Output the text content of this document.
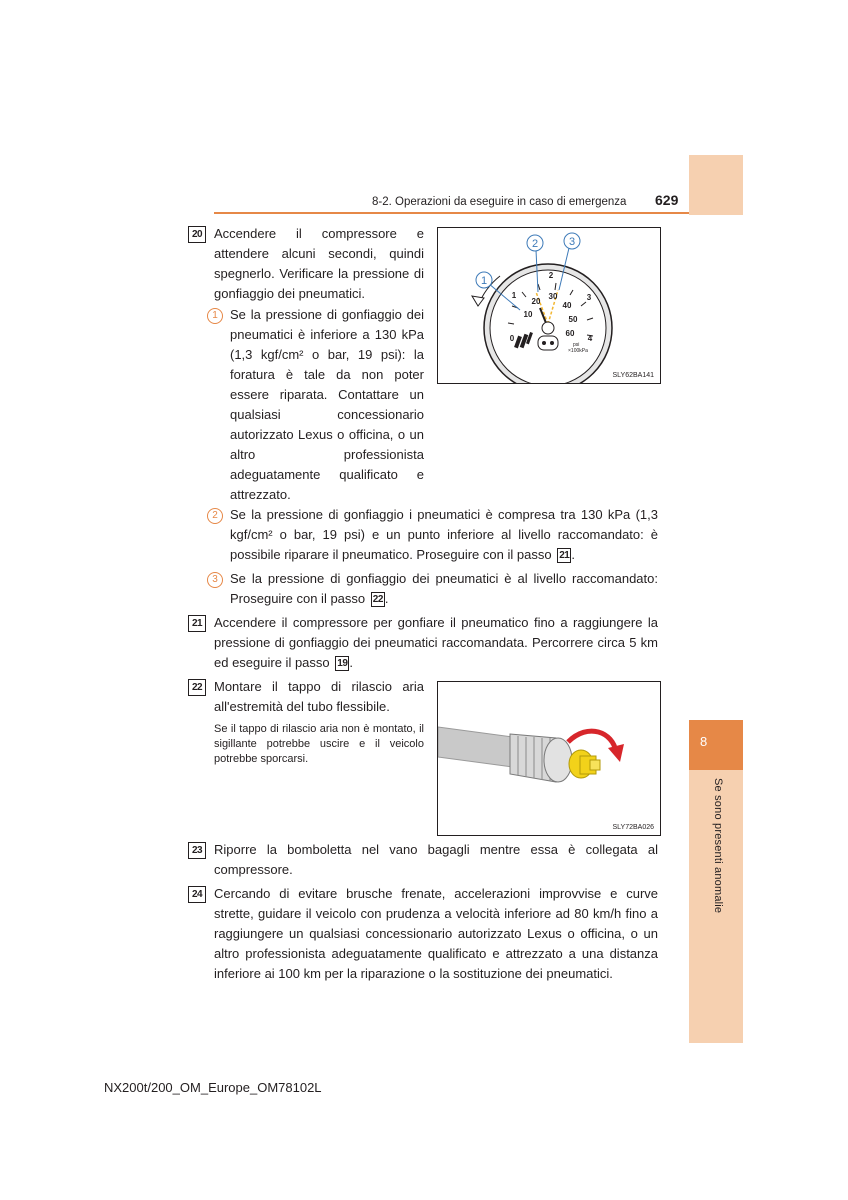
8
Se sono presenti anomalie
8-2. Operazioni da eseguire in caso di emergenza 629
20 Accendere il compressore e attendere alcuni secondi, quindi spegnerlo. Verificare la pressione di gonfiaggio dei pneumatici.
1 Se la pressione di gonfiaggio dei pneumatici è inferiore a 130 kPa (1,3 kgf/cm² o bar, 19 psi): la foratura è tale da non poter essere riparata. Contattare un qualsiasi concessionario autorizzato Lexus o officina, o un altro professionista adeguatamente qualificato e attrezzato.
1
2	3
0
1
2
3
4
10
20
30
40
50
60
psi
×100kPa
SLY62BA141
2 Se la pressione di gonfiaggio i pneumatici è compresa tra 130 kPa (1,3 kgf/cm² o bar, 19 psi) e un punto inferiore al livello raccomandato: è possibile riparare il pneumatico. Proseguire con il passo 21 .
3 Se la pressione di gonfiaggio dei pneumatici è al livello raccomandato: Proseguire con il passo 22 .
21 Accendere il compressore per gonfiare il pneumatico fino a raggiungere la pressione di gonfiaggio dei pneumatici raccomandata. Percorrere circa 5 km ed eseguire il passo 19 .
22 Montare il tappo di rilascio aria all'estremità del tubo flessibile.
Se il tappo di rilascio aria non è montato, il sigillante potrebbe uscire e il veicolo potrebbe sporcarsi.
SLY72BA026
23 Riporre la bomboletta nel vano bagagli mentre essa è collegata al compressore.
24 Cercando di evitare brusche frenate, accelerazioni improvvise e curve strette, guidare il veicolo con prudenza a velocità inferiore ad 80 km/h fino a raggiungere un qualsiasi concessionario autorizzato Lexus o officina, o un altro professionista adeguatamente qualificato e attrezzato a una distanza inferiore ai 100 km per la riparazione o la sostituzione dei pneumatici.
NX200t/200_OM_Europe_OM78102L
